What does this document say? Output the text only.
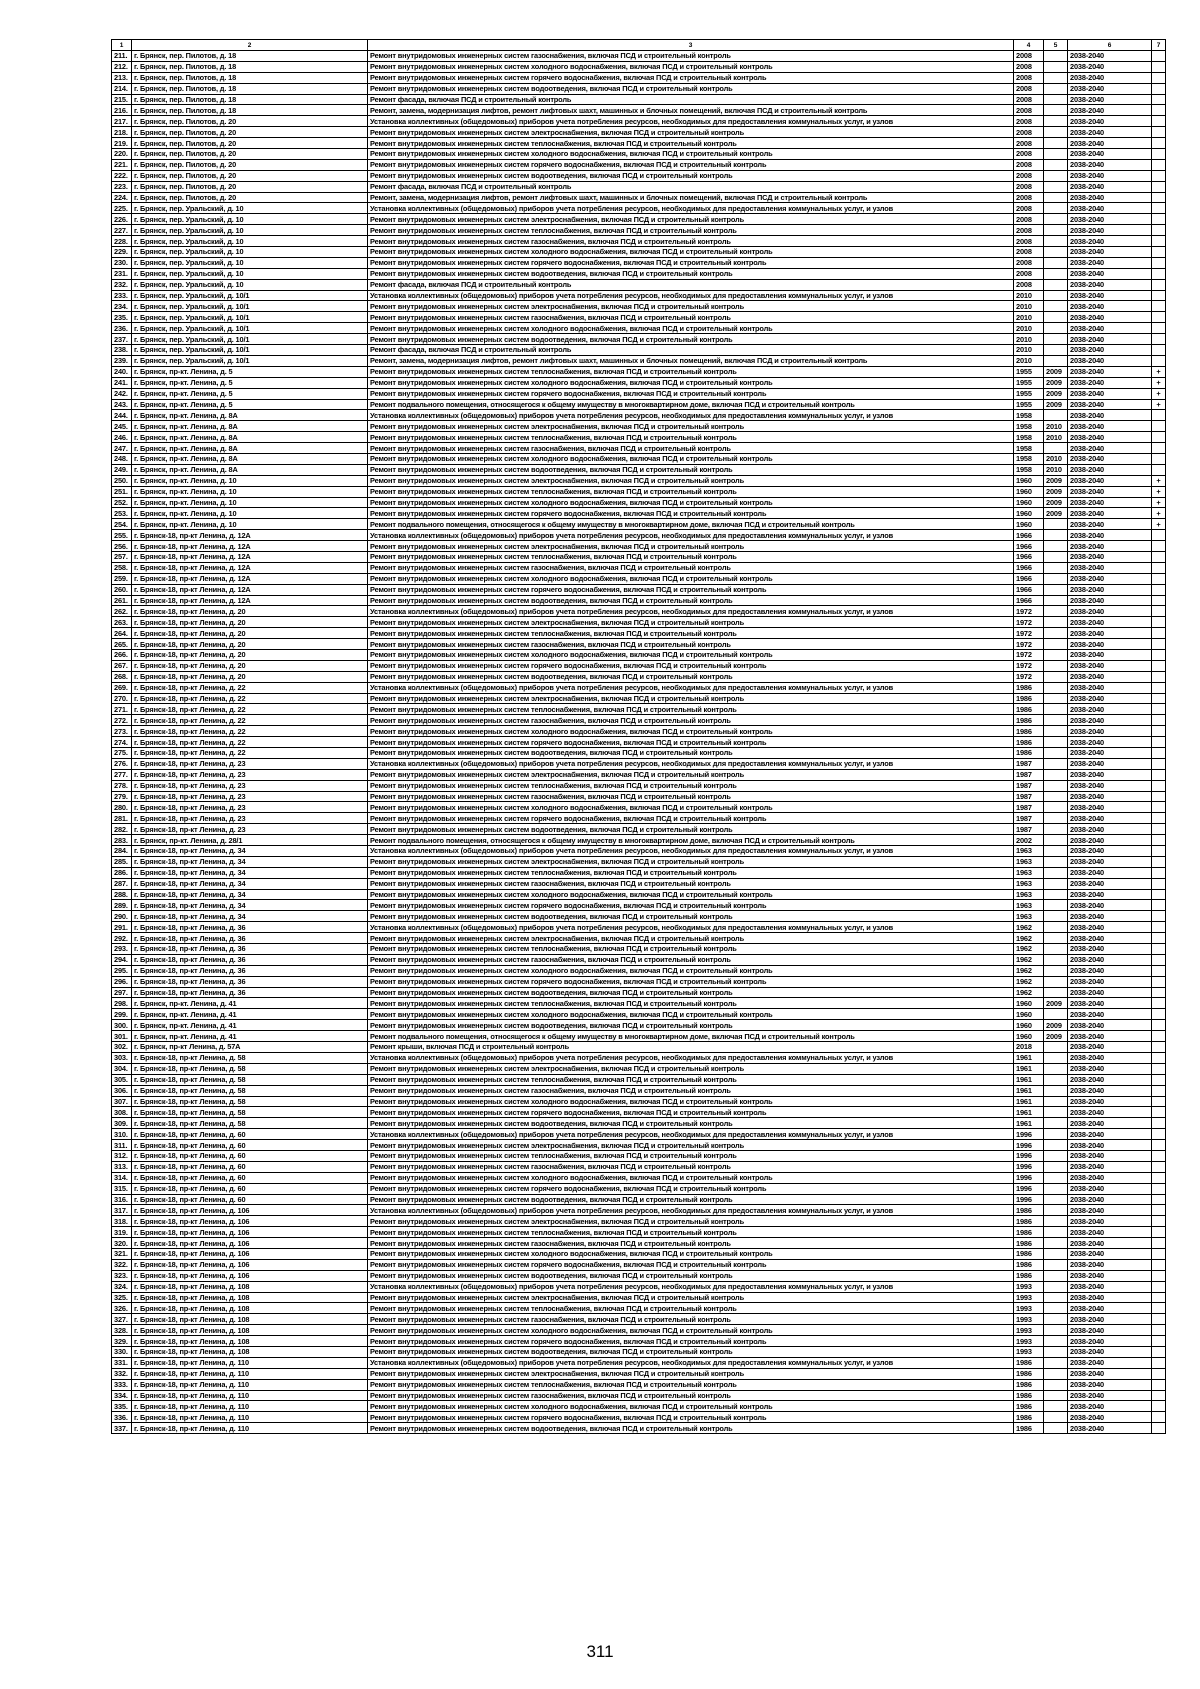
1	2	3	4	5	6	7
211.	г. Брянск, пер. Пилотов, д. 18	Ремонт внутридомовых инженерных систем газоснабжения, включая ПСД и строительный контроль	2008		2038-2040	
212.	г. Брянск, пер. Пилотов, д. 18	Ремонт внутридомовых инженерных систем холодного водоснабжения, включая ПСД и строительный контроль	2008		2038-2040	
213.	г. Брянск, пер. Пилотов, д. 18	Ремонт внутридомовых инженерных систем горячего водоснабжения, включая ПСД и строительный контроль	2008		2038-2040	
214.	г. Брянск, пер. Пилотов, д. 18	Ремонт внутридомовых инженерных систем водоотведения, включая ПСД и строительный контроль	2008		2038-2040	
215.	г. Брянск, пер. Пилотов, д. 18	Ремонт фасада, включая ПСД и строительный контроль	2008		2038-2040	
216.	г. Брянск, пер. Пилотов, д. 18	Ремонт, замена, модернизация лифтов, ремонт лифтовых шахт, машинных и блочных помещений, включая ПСД и строительный контроль	2008		2038-2040	
217.	г. Брянск, пер. Пилотов, д. 20	Установка коллективных (общедомовых) приборов учета потребления ресурсов, необходимых для предоставления коммунальных услуг, и узлов	2008		2038-2040	
218.	г. Брянск, пер. Пилотов, д. 20	Ремонт внутридомовых инженерных систем электроснабжения, включая ПСД и строительный контроль	2008		2038-2040	
219.	г. Брянск, пер. Пилотов, д. 20	Ремонт внутридомовых инженерных систем теплоснабжения, включая ПСД и строительный контроль	2008		2038-2040	
220.	г. Брянск, пер. Пилотов, д. 20	Ремонт внутридомовых инженерных систем холодного водоснабжения, включая ПСД и строительный контроль	2008		2038-2040	
221.	г. Брянск, пер. Пилотов, д. 20	Ремонт внутридомовых инженерных систем горячего водоснабжения, включая ПСД и строительный контроль	2008		2038-2040	
222.	г. Брянск, пер. Пилотов, д. 20	Ремонт внутридомовых инженерных систем водоотведения, включая ПСД и строительный контроль	2008		2038-2040	
223.	г. Брянск, пер. Пилотов, д. 20	Ремонт фасада, включая ПСД и строительный контроль	2008		2038-2040	
224.	г. Брянск, пер. Пилотов, д. 20	Ремонт, замена, модернизация лифтов, ремонт лифтовых шахт, машинных и блочных помещений, включая ПСД и строительный контроль	2008		2038-2040	
225.	г. Брянск, пер. Уральский, д. 10	Установка коллективных (общедомовых) приборов учета потребления ресурсов, необходимых для предоставления коммунальных услуг, и узлов	2008		2038-2040	
226.	г. Брянск, пер. Уральский, д. 10	Ремонт внутридомовых инженерных систем электроснабжения, включая ПСД и строительный контроль	2008		2038-2040	
227.	г. Брянск, пер. Уральский, д. 10	Ремонт внутридомовых инженерных систем теплоснабжения, включая ПСД и строительный контроль	2008		2038-2040	
228.	г. Брянск, пер. Уральский, д. 10	Ремонт внутридомовых инженерных систем газоснабжения, включая ПСД и строительный контроль	2008		2038-2040	
229.	г. Брянск, пер. Уральский, д. 10	Ремонт внутридомовых инженерных систем холодного водоснабжения, включая ПСД и строительный контроль	2008		2038-2040	
230.	г. Брянск, пер. Уральский, д. 10	Ремонт внутридомовых инженерных систем горячего водоснабжения, включая ПСД и строительный контроль	2008		2038-2040	
231.	г. Брянск, пер. Уральский, д. 10	Ремонт внутридомовых инженерных систем водоотведения, включая ПСД и строительный контроль	2008		2038-2040	
232.	г. Брянск, пер. Уральский, д. 10	Ремонт фасада, включая ПСД и строительный контроль	2008		2038-2040	
233.	г. Брянск, пер. Уральский, д. 10/1	Установка коллективных (общедомовых) приборов учета потребления ресурсов, необходимых для предоставления коммунальных услуг, и узлов	2010		2038-2040	
234.	г. Брянск, пер. Уральский, д. 10/1	Ремонт внутридомовых инженерных систем электроснабжения, включая ПСД и строительный контроль	2010		2038-2040	
235.	г. Брянск, пер. Уральский, д. 10/1	Ремонт внутридомовых инженерных систем газоснабжения, включая ПСД и строительный контроль	2010		2038-2040	
236.	г. Брянск, пер. Уральский, д. 10/1	Ремонт внутридомовых инженерных систем холодного водоснабжения, включая ПСД и строительный контроль	2010		2038-2040	
237.	г. Брянск, пер. Уральский, д. 10/1	Ремонт внутридомовых инженерных систем водоотведения, включая ПСД и строительный контроль	2010		2038-2040	
238.	г. Брянск, пер. Уральский, д. 10/1	Ремонт фасада, включая ПСД и строительный контроль	2010		2038-2040	
239.	г. Брянск, пер. Уральский, д. 10/1	Ремонт, замена, модернизация лифтов, ремонт лифтовых шахт, машинных и блочных помещений, включая ПСД и строительный контроль	2010		2038-2040	
240.	г. Брянск, пр-кт. Ленина, д. 5	Ремонт внутридомовых инженерных систем теплоснабжения, включая ПСД и строительный контроль	1955	2009	2038-2040	+
241.	г. Брянск, пр-кт. Ленина, д. 5	Ремонт внутридомовых инженерных систем холодного водоснабжения, включая ПСД и строительный контроль	1955	2009	2038-2040	+
242.	г. Брянск, пр-кт. Ленина, д. 5	Ремонт внутридомовых инженерных систем горячего водоснабжения, включая ПСД и строительный контроль	1955	2009	2038-2040	+
243.	г. Брянск, пр-кт. Ленина, д. 5	Ремонт подвального помещения, относящегося к общему имуществу в многоквартирном доме, включая ПСД и строительный контроль	1955	2009	2038-2040	+
244.	г. Брянск, пр-кт. Ленина, д. 8А	Установка коллективных (общедомовых) приборов учета потребления ресурсов, необходимых для предоставления коммунальных услуг, и узлов	1958		2038-2040	
245.	г. Брянск, пр-кт. Ленина, д. 8А	Ремонт внутридомовых инженерных систем электроснабжения, включая ПСД и строительный контроль	1958	2010	2038-2040	
246.	г. Брянск, пр-кт. Ленина, д. 8А	Ремонт внутридомовых инженерных систем теплоснабжения, включая ПСД и строительный контроль	1958	2010	2038-2040	
247.	г. Брянск, пр-кт. Ленина, д. 8А	Ремонт внутридомовых инженерных систем газоснабжения, включая ПСД и строительный контроль	1958		2038-2040	
248.	г. Брянск, пр-кт. Ленина, д. 8А	Ремонт внутридомовых инженерных систем холодного водоснабжения, включая ПСД и строительный контроль	1958	2010	2038-2040	
249.	г. Брянск, пр-кт. Ленина, д. 8А	Ремонт внутридомовых инженерных систем водоотведения, включая ПСД и строительный контроль	1958	2010	2038-2040	
250.	г. Брянск, пр-кт. Ленина, д. 10	Ремонт внутридомовых инженерных систем электроснабжения, включая ПСД и строительный контроль	1960	2009	2038-2040	+
251.	г. Брянск, пр-кт. Ленина, д. 10	Ремонт внутридомовых инженерных систем теплоснабжения, включая ПСД и строительный контроль	1960	2009	2038-2040	+
252.	г. Брянск, пр-кт. Ленина, д. 10	Ремонт внутридомовых инженерных систем холодного водоснабжения, включая ПСД и строительный контроль	1960	2009	2038-2040	+
253.	г. Брянск, пр-кт. Ленина, д. 10	Ремонт внутридомовых инженерных систем горячего водоснабжения, включая ПСД и строительный контроль	1960	2009	2038-2040	+
254.	г. Брянск, пр-кт. Ленина, д. 10	Ремонт подвального помещения, относящегося к общему имуществу в многоквартирном доме, включая ПСД и строительный контроль	1960		2038-2040	+
255.	г. Брянск-18, пр-кт Ленина, д. 12А	Установка коллективных (общедомовых) приборов учета потребления ресурсов, необходимых для предоставления коммунальных услуг, и узлов	1966		2038-2040	
256.	г. Брянск-18, пр-кт Ленина, д. 12А	Ремонт внутридомовых инженерных систем электроснабжения, включая ПСД и строительный контроль	1966		2038-2040	
257.	г. Брянск-18, пр-кт Ленина, д. 12А	Ремонт внутридомовых инженерных систем теплоснабжения, включая ПСД и строительный контроль	1966		2038-2040	
258.	г. Брянск-18, пр-кт Ленина, д. 12А	Ремонт внутридомовых инженерных систем газоснабжения, включая ПСД и строительный контроль	1966		2038-2040	
259.	г. Брянск-18, пр-кт Ленина, д. 12А	Ремонт внутридомовых инженерных систем холодного водоснабжения, включая ПСД и строительный контроль	1966		2038-2040	
260.	г. Брянск-18, пр-кт Ленина, д. 12А	Ремонт внутридомовых инженерных систем горячего водоснабжения, включая ПСД и строительный контроль	1966		2038-2040	
261.	г. Брянск-18, пр-кт Ленина, д. 12А	Ремонт внутридомовых инженерных систем водоотведения, включая ПСД и строительный контроль	1966		2038-2040	
262.	г. Брянск-18, пр-кт Ленина, д. 20	Установка коллективных (общедомовых) приборов учета потребления ресурсов, необходимых для предоставления коммунальных услуг, и узлов	1972		2038-2040	
263.	г. Брянск-18, пр-кт Ленина, д. 20	Ремонт внутридомовых инженерных систем электроснабжения, включая ПСД и строительный контроль	1972		2038-2040	
264.	г. Брянск-18, пр-кт Ленина, д. 20	Ремонт внутридомовых инженерных систем теплоснабжения, включая ПСД и строительный контроль	1972		2038-2040	
265.	г. Брянск-18, пр-кт Ленина, д. 20	Ремонт внутридомовых инженерных систем газоснабжения, включая ПСД и строительный контроль	1972		2038-2040	
266.	г. Брянск-18, пр-кт Ленина, д. 20	Ремонт внутридомовых инженерных систем холодного водоснабжения, включая ПСД и строительный контроль	1972		2038-2040	
267.	г. Брянск-18, пр-кт Ленина, д. 20	Ремонт внутридомовых инженерных систем горячего водоснабжения, включая ПСД и строительный контроль	1972		2038-2040	
268.	г. Брянск-18, пр-кт Ленина, д. 20	Ремонт внутридомовых инженерных систем водоотведения, включая ПСД и строительный контроль	1972		2038-2040	
269.	г. Брянск-18, пр-кт Ленина, д. 22	Установка коллективных (общедомовых) приборов учета потребления ресурсов, необходимых для предоставления коммунальных услуг, и узлов	1986		2038-2040	
270.	г. Брянск-18, пр-кт Ленина, д. 22	Ремонт внутридомовых инженерных систем электроснабжения, включая ПСД и строительный контроль	1986		2038-2040	
271.	г. Брянск-18, пр-кт Ленина, д. 22	Ремонт внутридомовых инженерных систем теплоснабжения, включая ПСД и строительный контроль	1986		2038-2040	
272.	г. Брянск-18, пр-кт Ленина, д. 22	Ремонт внутридомовых инженерных систем газоснабжения, включая ПСД и строительный контроль	1986		2038-2040	
273.	г. Брянск-18, пр-кт Ленина, д. 22	Ремонт внутридомовых инженерных систем холодного водоснабжения, включая ПСД и строительный контроль	1986		2038-2040	
274.	г. Брянск-18, пр-кт Ленина, д. 22	Ремонт внутридомовых инженерных систем горячего водоснабжения, включая ПСД и строительный контроль	1986		2038-2040	
275.	г. Брянск-18, пр-кт Ленина, д. 22	Ремонт внутридомовых инженерных систем водоотведения, включая ПСД и строительный контроль	1986		2038-2040	
276.	г. Брянск-18, пр-кт Ленина, д. 23	Установка коллективных (общедомовых) приборов учета потребления ресурсов, необходимых для предоставления коммунальных услуг, и узлов	1987		2038-2040	
277.	г. Брянск-18, пр-кт Ленина, д. 23	Ремонт внутридомовых инженерных систем электроснабжения, включая ПСД и строительный контроль	1987		2038-2040	
278.	г. Брянск-18, пр-кт Ленина, д. 23	Ремонт внутридомовых инженерных систем теплоснабжения, включая ПСД и строительный контроль	1987		2038-2040	
279.	г. Брянск-18, пр-кт Ленина, д. 23	Ремонт внутридомовых инженерных систем газоснабжения, включая ПСД и строительный контроль	1987		2038-2040	
280.	г. Брянск-18, пр-кт Ленина, д. 23	Ремонт внутридомовых инженерных систем холодного водоснабжения, включая ПСД и строительный контроль	1987		2038-2040	
281.	г. Брянск-18, пр-кт Ленина, д. 23	Ремонт внутридомовых инженерных систем горячего водоснабжения, включая ПСД и строительный контроль	1987		2038-2040	
282.	г. Брянск-18, пр-кт Ленина, д. 23	Ремонт внутридомовых инженерных систем водоотведения, включая ПСД и строительный контроль	1987		2038-2040	
283.	г. Брянск, пр-кт. Ленина, д. 28/1	Ремонт подвального помещения, относящегося к общему имуществу в многоквартирном доме, включая ПСД и строительный контроль	2002		2038-2040	
284.	г. Брянск-18, пр-кт Ленина, д. 34	Установка коллективных (общедомовых) приборов учета потребления ресурсов, необходимых для предоставления коммунальных услуг, и узлов	1963		2038-2040	
285.	г. Брянск-18, пр-кт Ленина, д. 34	Ремонт внутридомовых инженерных систем электроснабжения, включая ПСД и строительный контроль	1963		2038-2040	
286.	г. Брянск-18, пр-кт Ленина, д. 34	Ремонт внутридомовых инженерных систем теплоснабжения, включая ПСД и строительный контроль	1963		2038-2040	
287.	г. Брянск-18, пр-кт Ленина, д. 34	Ремонт внутридомовых инженерных систем газоснабжения, включая ПСД и строительный контроль	1963		2038-2040	
288.	г. Брянск-18, пр-кт Ленина, д. 34	Ремонт внутридомовых инженерных систем холодного водоснабжения, включая ПСД и строительный контроль	1963		2038-2040	
289.	г. Брянск-18, пр-кт Ленина, д. 34	Ремонт внутридомовых инженерных систем горячего водоснабжения, включая ПСД и строительный контроль	1963		2038-2040	
290.	г. Брянск-18, пр-кт Ленина, д. 34	Ремонт внутридомовых инженерных систем водоотведения, включая ПСД и строительный контроль	1963		2038-2040	
291.	г. Брянск-18, пр-кт Ленина, д. 36	Установка коллективных (общедомовых) приборов учета потребления ресурсов, необходимых для предоставления коммунальных услуг, и узлов	1962		2038-2040	
292.	г. Брянск-18, пр-кт Ленина, д. 36	Ремонт внутридомовых инженерных систем электроснабжения, включая ПСД и строительный контроль	1962		2038-2040	
293.	г. Брянск-18, пр-кт Ленина, д. 36	Ремонт внутридомовых инженерных систем теплоснабжения, включая ПСД и строительный контроль	1962		2038-2040	
294.	г. Брянск-18, пр-кт Ленина, д. 36	Ремонт внутридомовых инженерных систем газоснабжения, включая ПСД и строительный контроль	1962		2038-2040	
295.	г. Брянск-18, пр-кт Ленина, д. 36	Ремонт внутридомовых инженерных систем холодного водоснабжения, включая ПСД и строительный контроль	1962		2038-2040	
296.	г. Брянск-18, пр-кт Ленина, д. 36	Ремонт внутридомовых инженерных систем горячего водоснабжения, включая ПСД и строительный контроль	1962		2038-2040	
297.	г. Брянск-18, пр-кт Ленина, д. 36	Ремонт внутридомовых инженерных систем водоотведения, включая ПСД и строительный контроль	1962		2038-2040	
298.	г. Брянск, пр-кт. Ленина, д. 41	Ремонт внутридомовых инженерных систем теплоснабжения, включая ПСД и строительный контроль	1960	2009	2038-2040	
299.	г. Брянск, пр-кт. Ленина, д. 41	Ремонт внутридомовых инженерных систем холодного водоснабжения, включая ПСД и строительный контроль	1960		2038-2040	
300.	г. Брянск, пр-кт. Ленина, д. 41	Ремонт внутридомовых инженерных систем водоотведения, включая ПСД и строительный контроль	1960	2009	2038-2040	
301.	г. Брянск, пр-кт. Ленина, д. 41	Ремонт подвального помещения, относящегося к общему имуществу в многоквартирном доме, включая ПСД и строительный контроль	1960	2009	2038-2040	
302.	г. Брянск, пр-кт Ленина, д. 57А	Ремонт крыши, включая ПСД и строительный контроль	2018		2038-2040	
303.	г. Брянск-18, пр-кт Ленина, д. 58	Установка коллективных (общедомовых) приборов учета потребления ресурсов, необходимых для предоставления коммунальных услуг, и узлов	1961		2038-2040	
304.	г. Брянск-18, пр-кт Ленина, д. 58	Ремонт внутридомовых инженерных систем электроснабжения, включая ПСД и строительный контроль	1961		2038-2040	
305.	г. Брянск-18, пр-кт Ленина, д. 58	Ремонт внутридомовых инженерных систем теплоснабжения, включая ПСД и строительный контроль	1961		2038-2040	
306.	г. Брянск-18, пр-кт Ленина, д. 58	Ремонт внутридомовых инженерных систем газоснабжения, включая ПСД и строительный контроль	1961		2038-2040	
307.	г. Брянск-18, пр-кт Ленина, д. 58	Ремонт внутридомовых инженерных систем холодного водоснабжения, включая ПСД и строительный контроль	1961		2038-2040	
308.	г. Брянск-18, пр-кт Ленина, д. 58	Ремонт внутридомовых инженерных систем горячего водоснабжения, включая ПСД и строительный контроль	1961		2038-2040	
309.	г. Брянск-18, пр-кт Ленина, д. 58	Ремонт внутридомовых инженерных систем водоотведения, включая ПСД и строительный контроль	1961		2038-2040	
310.	г. Брянск-18, пр-кт Ленина, д. 60	Установка коллективных (общедомовых) приборов учета потребления ресурсов, необходимых для предоставления коммунальных услуг, и узлов	1996		2038-2040	
311.	г. Брянск-18, пр-кт Ленина, д. 60	Ремонт внутридомовых инженерных систем электроснабжения, включая ПСД и строительный контроль	1996		2038-2040	
312.	г. Брянск-18, пр-кт Ленина, д. 60	Ремонт внутридомовых инженерных систем теплоснабжения, включая ПСД и строительный контроль	1996		2038-2040	
313.	г. Брянск-18, пр-кт Ленина, д. 60	Ремонт внутридомовых инженерных систем газоснабжения, включая ПСД и строительный контроль	1996		2038-2040	
314.	г. Брянск-18, пр-кт Ленина, д. 60	Ремонт внутридомовых инженерных систем холодного водоснабжения, включая ПСД и строительный контроль	1996		2038-2040	
315.	г. Брянск-18, пр-кт Ленина, д. 60	Ремонт внутридомовых инженерных систем горячего водоснабжения, включая ПСД и строительный контроль	1996		2038-2040	
316.	г. Брянск-18, пр-кт Ленина, д. 60	Ремонт внутридомовых инженерных систем водоотведения, включая ПСД и строительный контроль	1996		2038-2040	
317.	г. Брянск-18, пр-кт Ленина, д. 106	Установка коллективных (общедомовых) приборов учета потребления ресурсов, необходимых для предоставления коммунальных услуг, и узлов	1986		2038-2040	
318.	г. Брянск-18, пр-кт Ленина, д. 106	Ремонт внутридомовых инженерных систем электроснабжения, включая ПСД и строительный контроль	1986		2038-2040	
319.	г. Брянск-18, пр-кт Ленина, д. 106	Ремонт внутридомовых инженерных систем теплоснабжения, включая ПСД и строительный контроль	1986		2038-2040	
320.	г. Брянск-18, пр-кт Ленина, д. 106	Ремонт внутридомовых инженерных систем газоснабжения, включая ПСД и строительный контроль	1986		2038-2040	
321.	г. Брянск-18, пр-кт Ленина, д. 106	Ремонт внутридомовых инженерных систем холодного водоснабжения, включая ПСД и строительный контроль	1986		2038-2040	
322.	г. Брянск-18, пр-кт Ленина, д. 106	Ремонт внутридомовых инженерных систем горячего водоснабжения, включая ПСД и строительный контроль	1986		2038-2040	
323.	г. Брянск-18, пр-кт Ленина, д. 106	Ремонт внутридомовых инженерных систем водоотведения, включая ПСД и строительный контроль	1986		2038-2040	
324.	г. Брянск-18, пр-кт Ленина, д. 108	Установка коллективных (общедомовых) приборов учета потребления ресурсов, необходимых для предоставления коммунальных услуг, и узлов	1993		2038-2040	
325.	г. Брянск-18, пр-кт Ленина, д. 108	Ремонт внутридомовых инженерных систем электроснабжения, включая ПСД и строительный контроль	1993		2038-2040	
326.	г. Брянск-18, пр-кт Ленина, д. 108	Ремонт внутридомовых инженерных систем теплоснабжения, включая ПСД и строительный контроль	1993		2038-2040	
327.	г. Брянск-18, пр-кт Ленина, д. 108	Ремонт внутридомовых инженерных систем газоснабжения, включая ПСД и строительный контроль	1993		2038-2040	
328.	г. Брянск-18, пр-кт Ленина, д. 108	Ремонт внутридомовых инженерных систем холодного водоснабжения, включая ПСД и строительный контроль	1993		2038-2040	
329.	г. Брянск-18, пр-кт Ленина, д. 108	Ремонт внутридомовых инженерных систем горячего водоснабжения, включая ПСД и строительный контроль	1993		2038-2040	
330.	г. Брянск-18, пр-кт Ленина, д. 108	Ремонт внутридомовых инженерных систем водоотведения, включая ПСД и строительный контроль	1993		2038-2040	
331.	г. Брянск-18, пр-кт Ленина, д. 110	Установка коллективных (общедомовых) приборов учета потребления ресурсов, необходимых для предоставления коммунальных услуг, и узлов	1986		2038-2040	
332.	г. Брянск-18, пр-кт Ленина, д. 110	Ремонт внутридомовых инженерных систем электроснабжения, включая ПСД и строительный контроль	1986		2038-2040	
333.	г. Брянск-18, пр-кт Ленина, д. 110	Ремонт внутридомовых инженерных систем теплоснабжения, включая ПСД и строительный контроль	1986		2038-2040	
334.	г. Брянск-18, пр-кт Ленина, д. 110	Ремонт внутридомовых инженерных систем газоснабжения, включая ПСД и строительный контроль	1986		2038-2040	
335.	г. Брянск-18, пр-кт Ленина, д. 110	Ремонт внутридомовых инженерных систем холодного водоснабжения, включая ПСД и строительный контроль	1986		2038-2040	
336.	г. Брянск-18, пр-кт Ленина, д. 110	Ремонт внутридомовых инженерных систем горячего водоснабжения, включая ПСД и строительный контроль	1986		2038-2040	
337.	г. Брянск-18, пр-кт Ленина, д. 110	Ремонт внутридомовых инженерных систем водоотведения, включая ПСД и строительный контроль	1986		2038-2040	
311
